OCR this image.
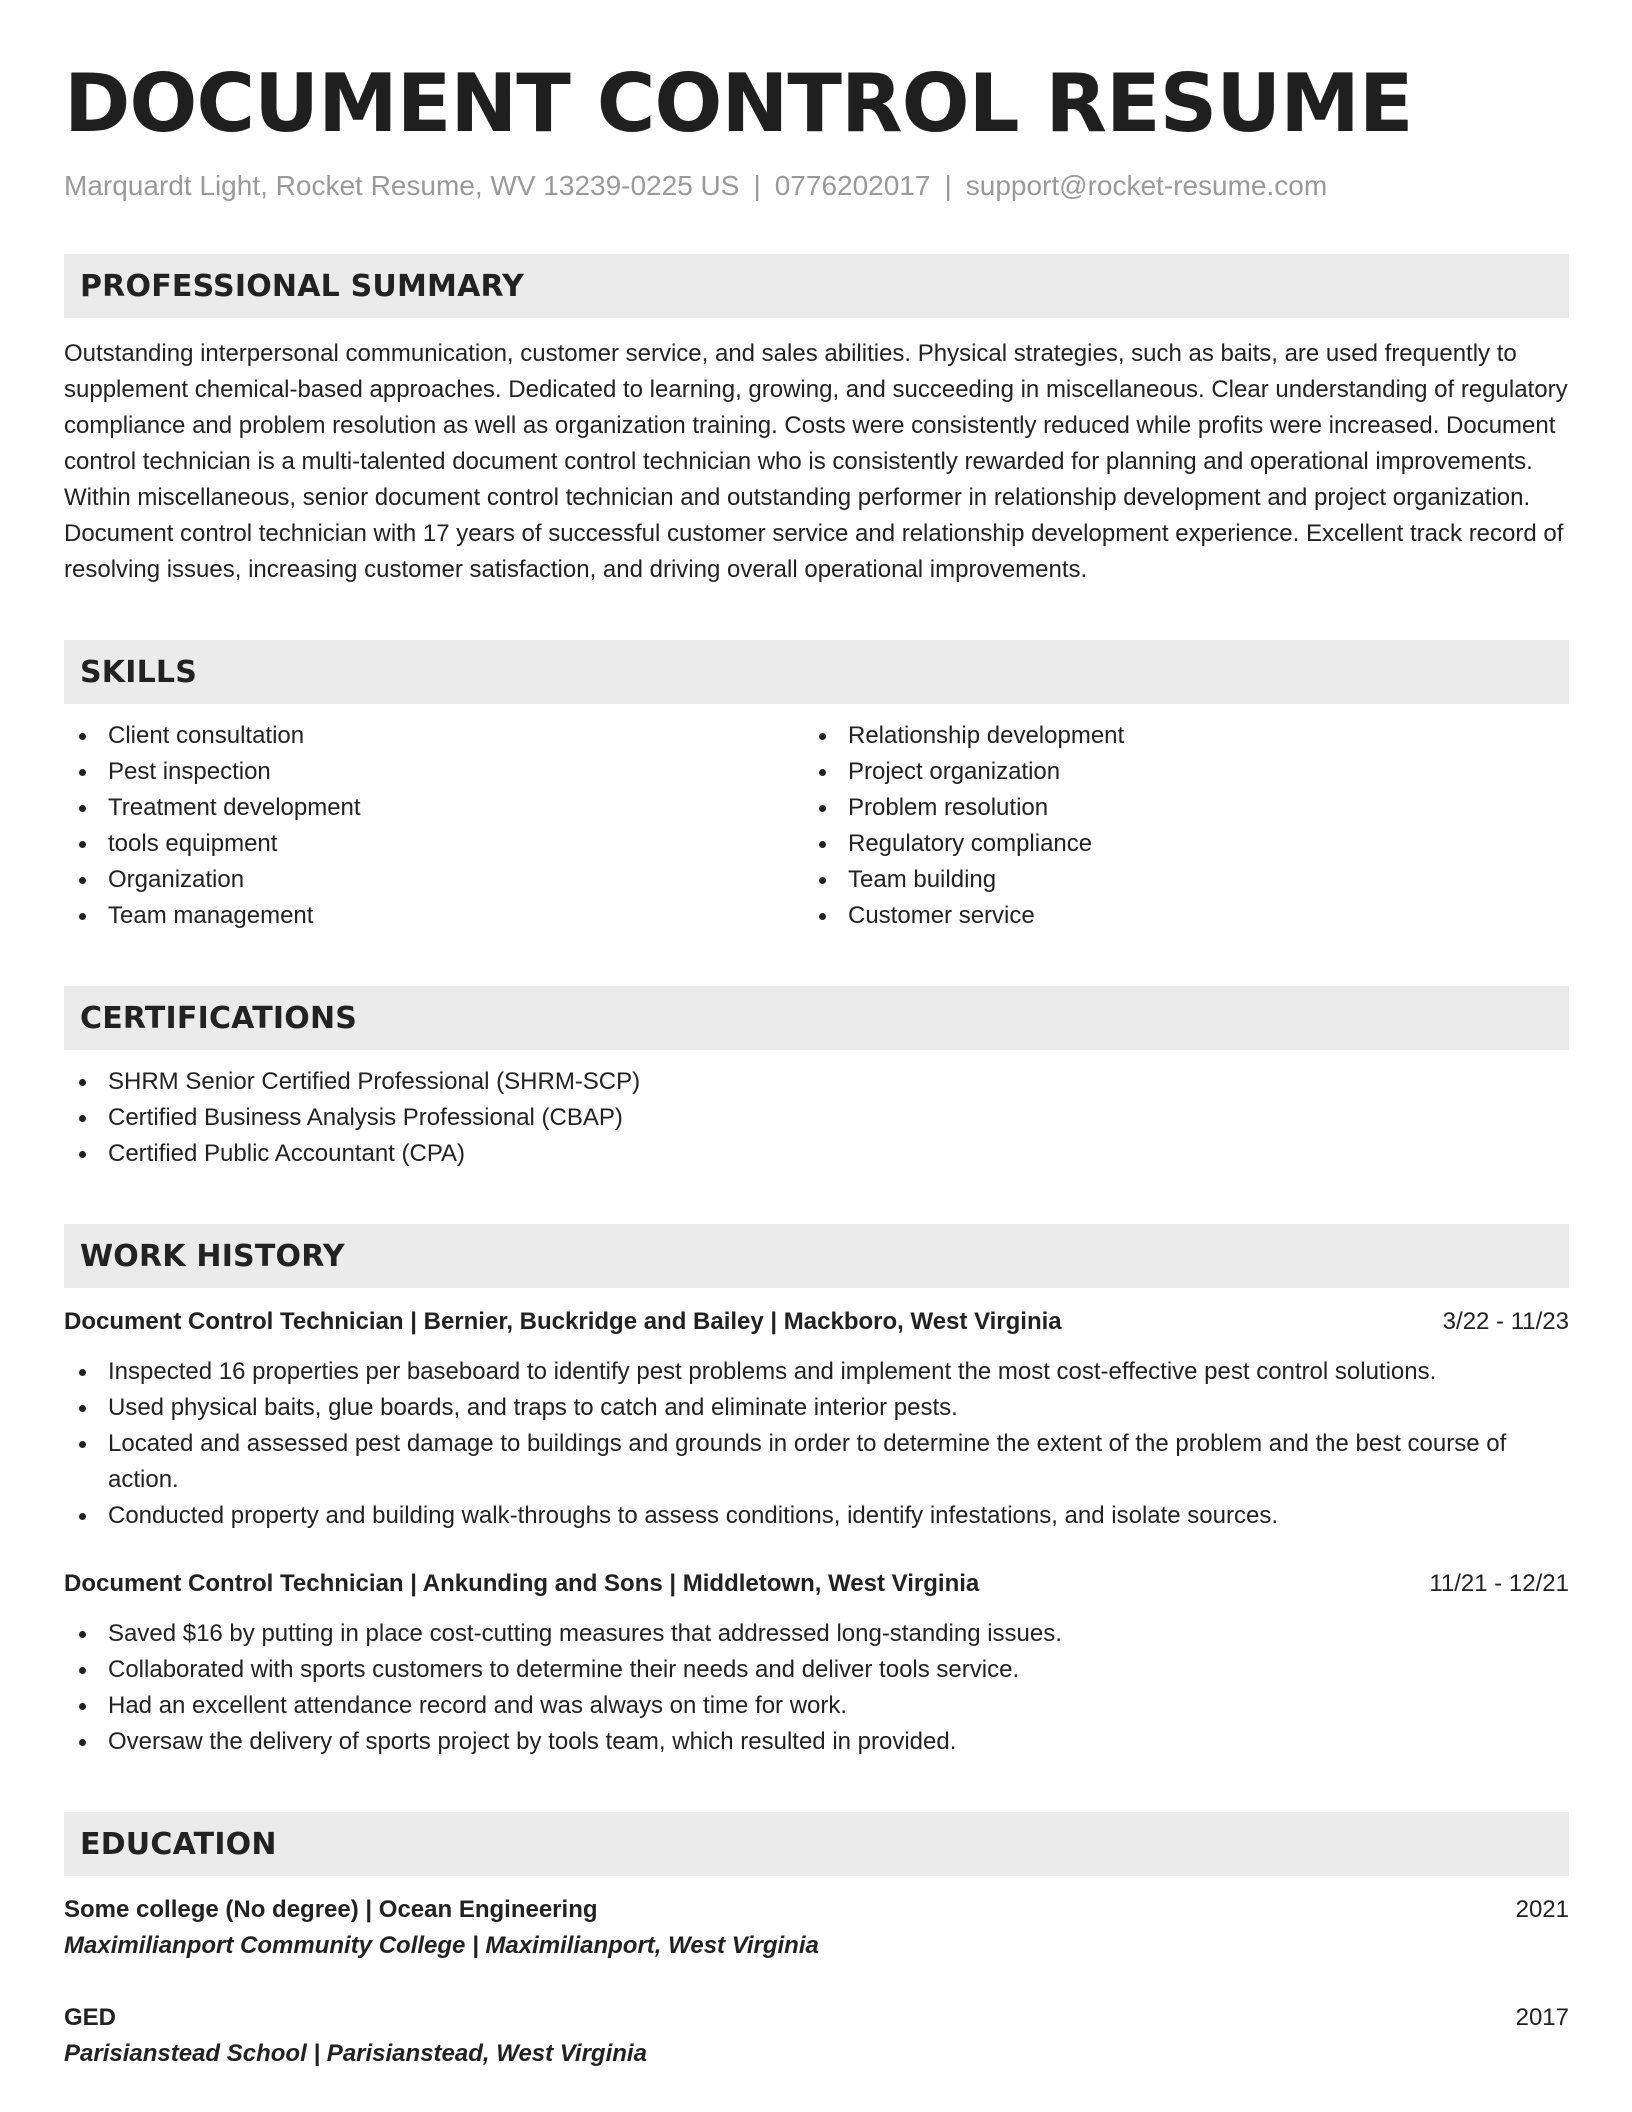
DOCUMENT CONTROL RESUME
Marquardt Light, Rocket Resume, WV 13239-0225 US | 0776202017 | support@rocket-resume.com
PROFESSIONAL SUMMARY

Outstanding interpersonal communication, customer service, and sales abilities. Physical strategies, such as baits, are used frequently to supplement chemical-based approaches. Dedicated to learning, growing, and succeeding in miscellaneous. Clear understanding of regulatory compliance and problem resolution as well as organization training. Costs were consistently reduced while profits were increased. Document control technician is a multi-talented document control technician who is consistently rewarded for planning and operational improvements. Within miscellaneous, senior document control technician and outstanding performer in relationship development and project organization. Document control technician with 17 years of successful customer service and relationship development experience. Excellent track record of resolving issues, increasing customer satisfaction, and driving overall operational improvements.

SKILLS
Client consultation
Pest inspection
Treatment development
tools equipment
Organization
Team management
Relationship development
Project organization
Problem resolution
Regulatory compliance
Team building
Customer service
CERTIFICATIONS
SHRM Senior Certified Professional (SHRM-SCP)
Certified Business Analysis Professional (CBAP)
Certified Public Accountant (CPA)
WORK HISTORY
Document Control Technician | Bernier, Buckridge and Bailey | Mackboro, West Virginia	3/22 - 11/23
Inspected 16 properties per baseboard to identify pest problems and implement the most cost-effective pest control solutions.
Used physical baits, glue boards, and traps to catch and eliminate interior pests.
Located and assessed pest damage to buildings and grounds in order to determine the extent of the problem and the best course of action.
Conducted property and building walk-throughs to assess conditions, identify infestations, and isolate sources.
Document Control Technician | Ankunding and Sons | Middletown, West Virginia	11/21 - 12/21
Saved $16 by putting in place cost-cutting measures that addressed long-standing issues.
Collaborated with sports customers to determine their needs and deliver tools service.
Had an excellent attendance record and was always on time for work.
Oversaw the delivery of sports project by tools team, which resulted in provided.
EDUCATION
Some college (No degree) | Ocean Engineering	2021
Maximilianport Community College | Maximilianport, West Virginia
GED	2017
Parisianstead School | Parisianstead, West Virginia
